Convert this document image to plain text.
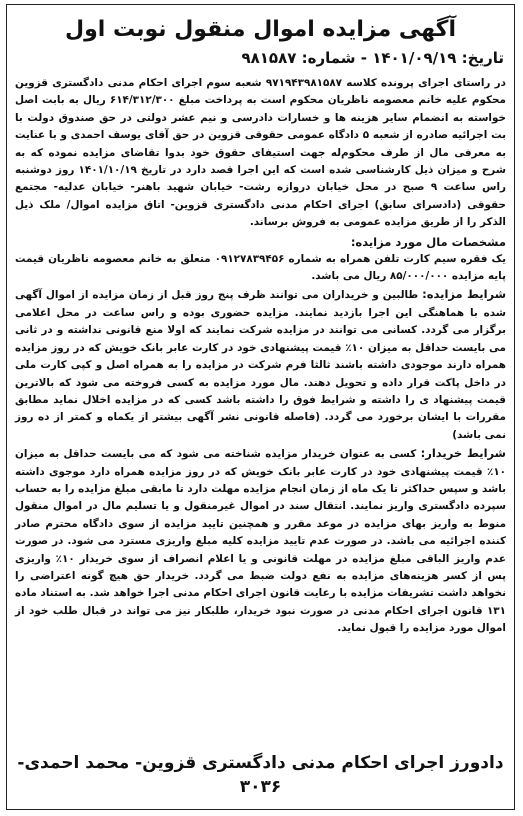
آگهی مزایده اموال منقول نوبت اول
تاریخ: ۱۴۰۱/۰۹/۱۹ - شماره: ۹۸۱۵۸۷

در راستای اجرای پرونده کلاسه ۹۷۱۹۴۳۹۸۱۵۸۷ شعبه سوم اجرای احکام مدنی دادگستری قزوین محکوم علیه خانم معصومه ناظریان محکوم است به پرداخت مبلغ ۶۱۴/۳۱۲/۳۰۰ ریال به بابت اصل خواسته به انضمام سایر هزینه ها و خسارات دادرسی و نیم عشر دولتی در حق صندوق دولت با بت اجرائیه صادره از شعبه ۵ دادگاه عمومی حقوقی قزوین در حق آقای یوسف احمدی و با عنایت به معرفی مال از طرف محکوم‌له جهت استیفای حقوق خود بدوا تقاضای مزایده نموده که به شرح و میزان ذیل کارشناسی شده است که این اجرا قصد دارد در تاریخ ۱۴۰۱/۱۰/۱۹ روز دوشنبه راس ساعت ۹ صبح در محل خیابان دروازه رشت- خیابان شهید باهنر- خیابان عدلیه- مجتمع حقوقی (دادسرای سابق) اجرای احکام مدنی دادگستری قزوین- اتاق مزایده اموال/ ملک ذیل الذکر را از طریق مزایده عمومی به فروش برساند.

مشخصات مال مورد مزایده:

یک فقره سیم کارت تلفن همراه به شماره ۰۹۱۲۷۸۳۹۴۵۶ متعلق به خانم معصومه ناظریان قیمت پایه مزایده ۸۵/۰۰۰/۰۰۰ ریال می باشد.

شرایط مزایده: طالبین و خریداران می توانند ظرف پنج روز قبل از زمان مزایده از اموال آگهی شده با هماهنگی این اجرا بازدید نمایند. مزایده حضوری بوده و راس ساعت در محل اعلامی برگزار می گردد. کسانی می توانند در مزایده شرکت نمایند که اولا منع قانونی نداشته و در ثانی می بایست حداقل به میزان ۱۰٪ قیمت پیشنهادی خود در کارت عابر بانک خویش که در روز مزایده همراه دارند موجودی داشته باشند ثالثا فرم شرکت در مزایده را به همراه اصل و کپی کارت ملی در داخل پاکت قرار داده و تحویل دهند. مال مورد مزایده به کسی فروخته می شود که بالاترین قیمت پیشنهاد ی را داشته و شرایط فوق را داشته باشد کسی که در مزایده اخلال نماید مطابق مقررات با ایشان برخورد می گردد. (فاصله قانونی نشر آگهی بیشتر از یکماه و کمتر از ده روز نمی باشد)

شرایط خریدار: کسی به عنوان خریدار مزایده شناخته می شود که می بایست حداقل به میزان ۱۰٪ قیمت پیشنهادی خود در کارت عابر بانک خویش که در روز مزایده همراه دارد موجوی داشته باشد و سپس حداکثر تا یک ماه از زمان انجام مزایده مهلت دارد تا مابقی مبلغ مزایده را به حساب سپرده دادگستری واریز نمایند. انتقال سند در اموال غیرمنقول و یا تسلیم مال در اموال منقول منوط به واریز بهای مزایده در موعد مقرر و همچنین تایید مزایده از سوی دادگاه محترم صادر کننده اجرائیه می باشد. در صورت عدم تایید مزایده کلیه مبلغ واریزی مسترد می شود. در صورت عدم واریز الباقی مبلغ مزایده در مهلت قانونی و یا اعلام انصراف از سوی خریدار ۱۰٪ واریزی پس از کسر هزینه‌های مزایده به نفع دولت ضبط می گردد. خریدار حق هیچ گونه اعتراضی را نخواهد داشت تشریفات مزایده با رعایت قانون اجرای احکام مدنی اجرا خواهد شد. به استناد ماده ۱۳۱ قانون اجرای احکام مدنی در صورت نبود خریدار، طلبکار نیز می تواند در قبال طلب خود از اموال مورد مزایده را قبول نماید.

دادورز اجرای احکام مدنی دادگستری قزوین- محمد احمدی- ۳۰۳۶
